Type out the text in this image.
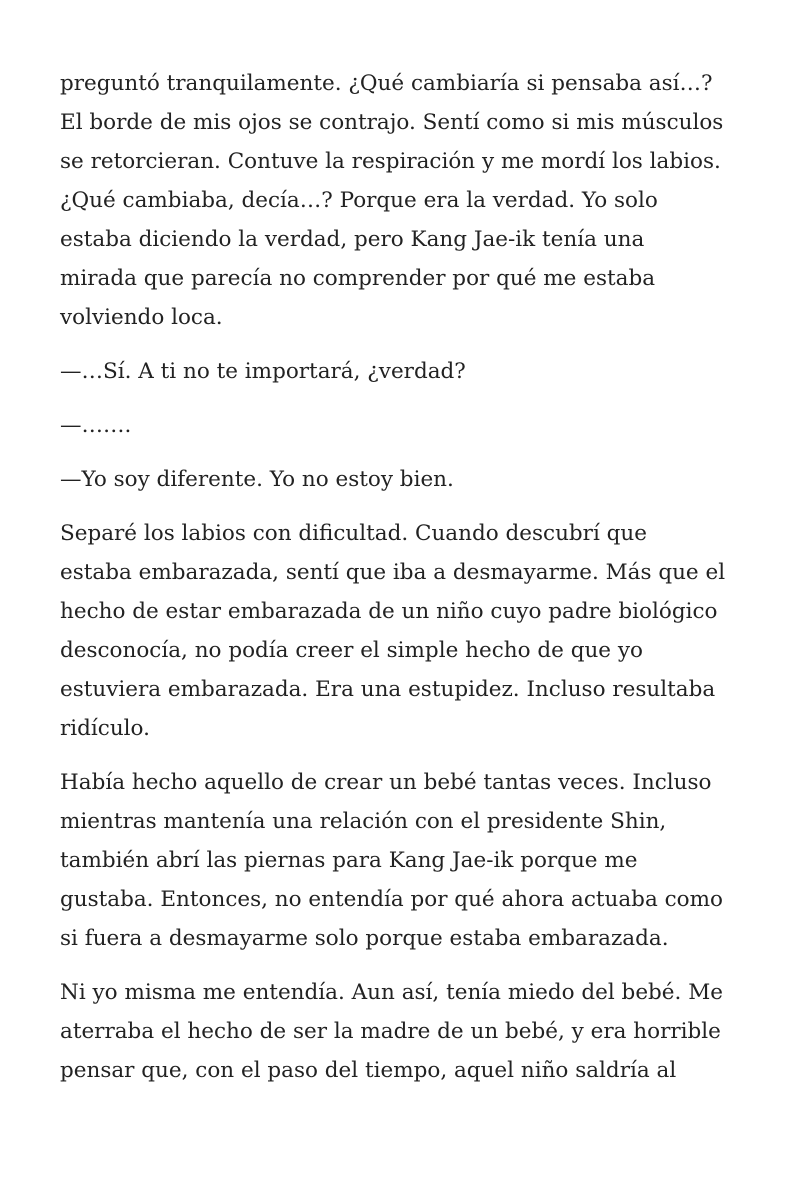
preguntó tranquilamente. ¿Qué cambiaría si pensaba así…?
El borde de mis ojos se contrajo. Sentí como si mis músculos
se retorcieran. Contuve la respiración y me mordí los labios.
¿Qué cambiaba, decía…? Porque era la verdad. Yo solo
estaba diciendo la verdad, pero Kang Jae-ik tenía una
mirada que parecía no comprender por qué me estaba
volviendo loca.

—…Sí. A ti no te importará, ¿verdad?

—…….

—Yo soy diferente. Yo no estoy bien.

Separé los labios con dificultad. Cuando descubrí que
estaba embarazada, sentí que iba a desmayarme. Más que el
hecho de estar embarazada de un niño cuyo padre biológico
desconocía, no podía creer el simple hecho de que yo
estuviera embarazada. Era una estupidez. Incluso resultaba
ridículo.

Había hecho aquello de crear un bebé tantas veces. Incluso
mientras mantenía una relación con el presidente Shin,
también abrí las piernas para Kang Jae-ik porque me
gustaba. Entonces, no entendía por qué ahora actuaba como
si fuera a desmayarme solo porque estaba embarazada.

Ni yo misma me entendía. Aun así, tenía miedo del bebé. Me
aterraba el hecho de ser la madre de un bebé, y era horrible
pensar que, con el paso del tiempo, aquel niño saldría al
